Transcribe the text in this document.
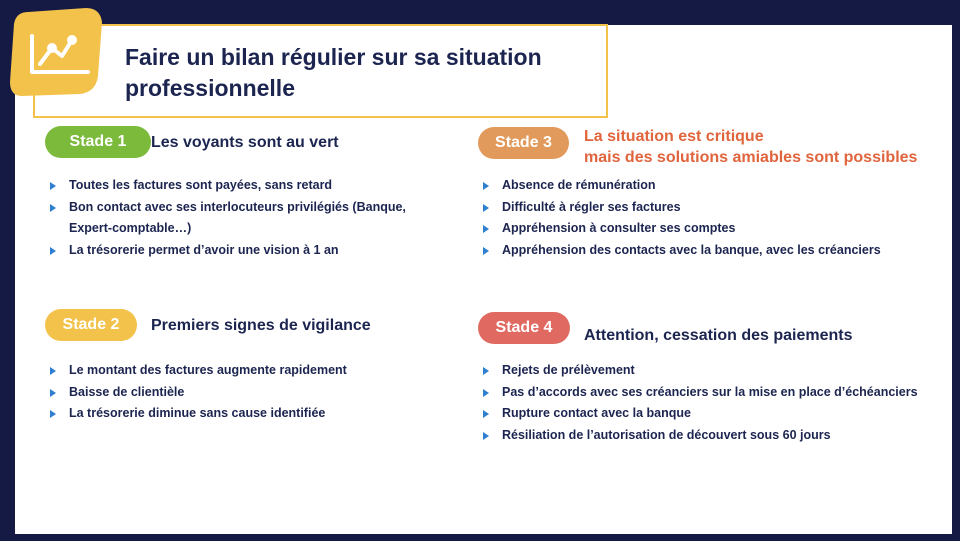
Faire un bilan régulier sur sa situation professionnelle
Stade 1	Les voyants sont au vert
Toutes les factures sont payées, sans retard
Bon contact avec ses interlocuteurs privilégiés (Banque, Expert-comptable…)
La trésorerie permet d’avoir une vision à 1 an
Stade 2	Premiers signes de vigilance
Le montant des factures augmente rapidement
Baisse de clientièle
La trésorerie diminue sans cause identifiée
Stade 3	La situation est critique
mais des solutions amiables sont possibles
Absence de rémunération
Difficulté à régler ses factures
Appréhension à consulter ses comptes
Appréhension des contacts avec la banque, avec les créanciers
Stade 4	Attention, cessation des paiements
Rejets de prélèvement
Pas d’accords avec ses créanciers sur la mise en place d’échéanciers
Rupture contact avec la banque
Résiliation de l’autorisation de découvert sous 60 jours
